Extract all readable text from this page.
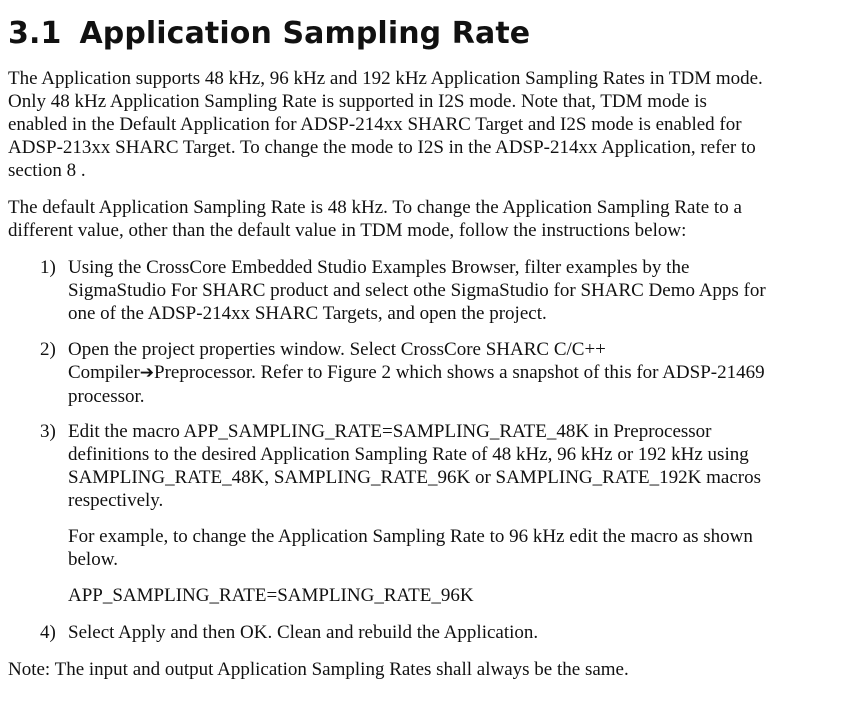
3.1 Application Sampling Rate

The Application supports 48 kHz, 96 kHz and 192 kHz Application Sampling Rates in TDM mode.
Only 48 kHz Application Sampling Rate is supported in I2S mode. Note that, TDM mode is
enabled in the Default Application for ADSP-214xx SHARC Target and I2S mode is enabled for
ADSP-213xx SHARC Target. To change the mode to I2S in the ADSP-214xx Application, refer to
section 8 .

The default Application Sampling Rate is 48 kHz. To change the Application Sampling Rate to a
different value, other than the default value in TDM mode, follow the instructions below:

1) Using the CrossCore Embedded Studio Examples Browser, filter examples by the
SigmaStudio For SHARC product and select othe SigmaStudio for SHARC Demo Apps for
one of the ADSP-214xx SHARC Targets, and open the project.
2) Open the project properties window. Select CrossCore SHARC C/C++
Compiler➔Preprocessor. Refer to Figure 2 which shows a snapshot of this for ADSP-21469
processor.
3) Edit the macro APP_SAMPLING_RATE=SAMPLING_RATE_48K in Preprocessor
definitions to the desired Application Sampling Rate of 48 kHz, 96 kHz or 192 kHz using
SAMPLING_RATE_48K, SAMPLING_RATE_96K or SAMPLING_RATE_192K macros
respectively.
For example, to change the Application Sampling Rate to 96 kHz edit the macro as shown
below.
APP_SAMPLING_RATE=SAMPLING_RATE_96K
4) Select Apply and then OK. Clean and rebuild the Application.

Note: The input and output Application Sampling Rates shall always be the same.
